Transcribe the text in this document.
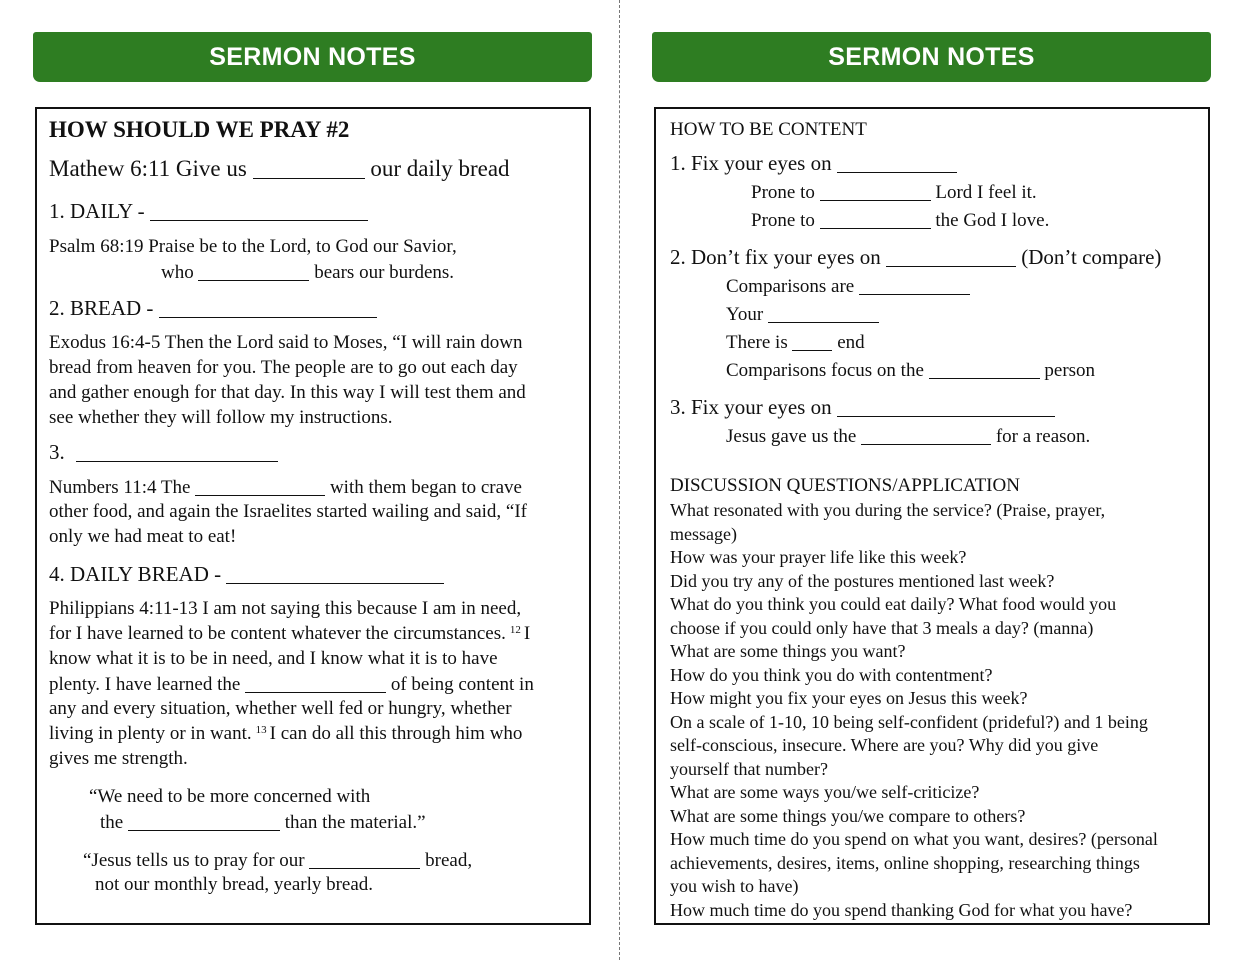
SERMON NOTES
HOW SHOULD WE PRAY #2
Mathew 6:11 Give us	our daily bread
1. DAILY -
Psalm 68:19 Praise be to the Lord, to God our Savior,
who	bears our burdens.
2. BREAD -
Exodus 16:4-5 Then the Lord said to Moses, “I will rain down
bread from heaven for you. The people are to go out each day
and gather enough for that day. In this way I will test them and
see whether they will follow my instructions.
3.
Numbers 11:4 The	with them began to crave
other food, and again the Israelites started wailing and said, “If
only we had meat to eat!
4. DAILY BREAD -
Philippians 4:11-13 I am not saying this because I am in need,
for I have learned to be content whatever the circumstances. $^{12}$ I
know what it is to be in need, and I know what it is to have
plenty. I have learned the	of being content in
any and every situation, whether well fed or hungry, whether
living in plenty or in want. $^{13}$ I can do all this through him who
gives me strength.
“We need to be more concerned with
the	than the material.”
“Jesus tells us to pray for our	bread,
not our monthly bread, yearly bread.
SERMON NOTES
HOW TO BE CONTENT
1. Fix your eyes on
Prone to	Lord I feel it.
Prone to	the God I love.
2. Don’t fix your eyes on	(Don’t compare)
Comparisons are
Your
There is	end
Comparisons focus on the	person
3. Fix your eyes on
Jesus gave us the	for a reason.
DISCUSSION QUESTIONS/APPLICATION
What resonated with you during the service? (Praise, prayer,
message)
How was your prayer life like this week?
Did you try any of the postures mentioned last week?
What do you think you could eat daily? What food would you
choose if you could only have that 3 meals a day? (manna)
What are some things you want?
How do you think you do with contentment?
How might you fix your eyes on Jesus this week?
On a scale of 1-10, 10 being self-confident (prideful?) and 1 being
self-conscious, insecure. Where are you? Why did you give
yourself that number?
What are some ways you/we self-criticize?
What are some things you/we compare to others?
How much time do you spend on what you want, desires? (personal
achievements, desires, items, online shopping, researching things
you wish to have)
How much time do you spend thanking God for what you have?
